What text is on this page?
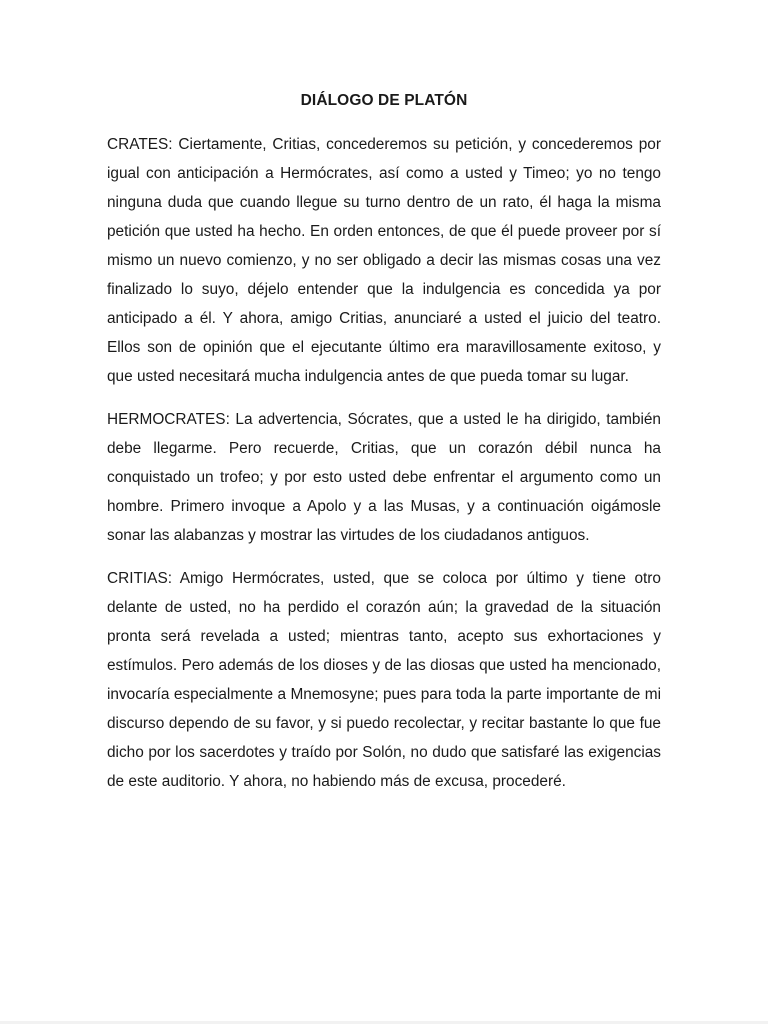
DIÁLOGO DE PLATÓN

CRATES: Ciertamente, Critias, concederemos su petición, y concederemos por igual con anticipación a Hermócrates, así como a usted y Timeo; yo no tengo ninguna duda que cuando llegue su turno dentro de un rato, él haga la misma petición que usted ha hecho. En orden entonces, de que él puede proveer por sí mismo un nuevo comienzo, y no ser obligado a decir las mismas cosas una vez finalizado lo suyo, déjelo entender que la indulgencia es concedida ya por anticipado a él. Y ahora, amigo Critias, anunciaré a usted el juicio del teatro. Ellos son de opinión que el ejecutante último era maravillosamente exitoso, y que usted necesitará mucha indulgencia antes de que pueda tomar su lugar.

HERMOCRATES: La advertencia, Sócrates, que a usted le ha dirigido, también debe llegarme. Pero recuerde, Critias, que un corazón débil nunca ha conquistado un trofeo; y por esto usted debe enfrentar el argumento como un hombre. Primero invoque a Apolo y a las Musas, y a continuación oigámosle sonar las alabanzas y mostrar las virtudes de los ciudadanos antiguos.

CRITIAS: Amigo Hermócrates, usted, que se coloca por último y tiene otro delante de usted, no ha perdido el corazón aún; la gravedad de la situación pronta será revelada a usted; mientras tanto, acepto sus exhortaciones y estímulos. Pero además de los dioses y de las diosas que usted ha mencionado, invocaría especialmente a Mnemosyne; pues para toda la parte importante de mi discurso dependo de su favor, y si puedo recolectar, y recitar bastante lo que fue dicho por los sacerdotes y traído por Solón, no dudo que satisfaré las exigencias de este auditorio. Y ahora, no habiendo más de excusa, procederé.
